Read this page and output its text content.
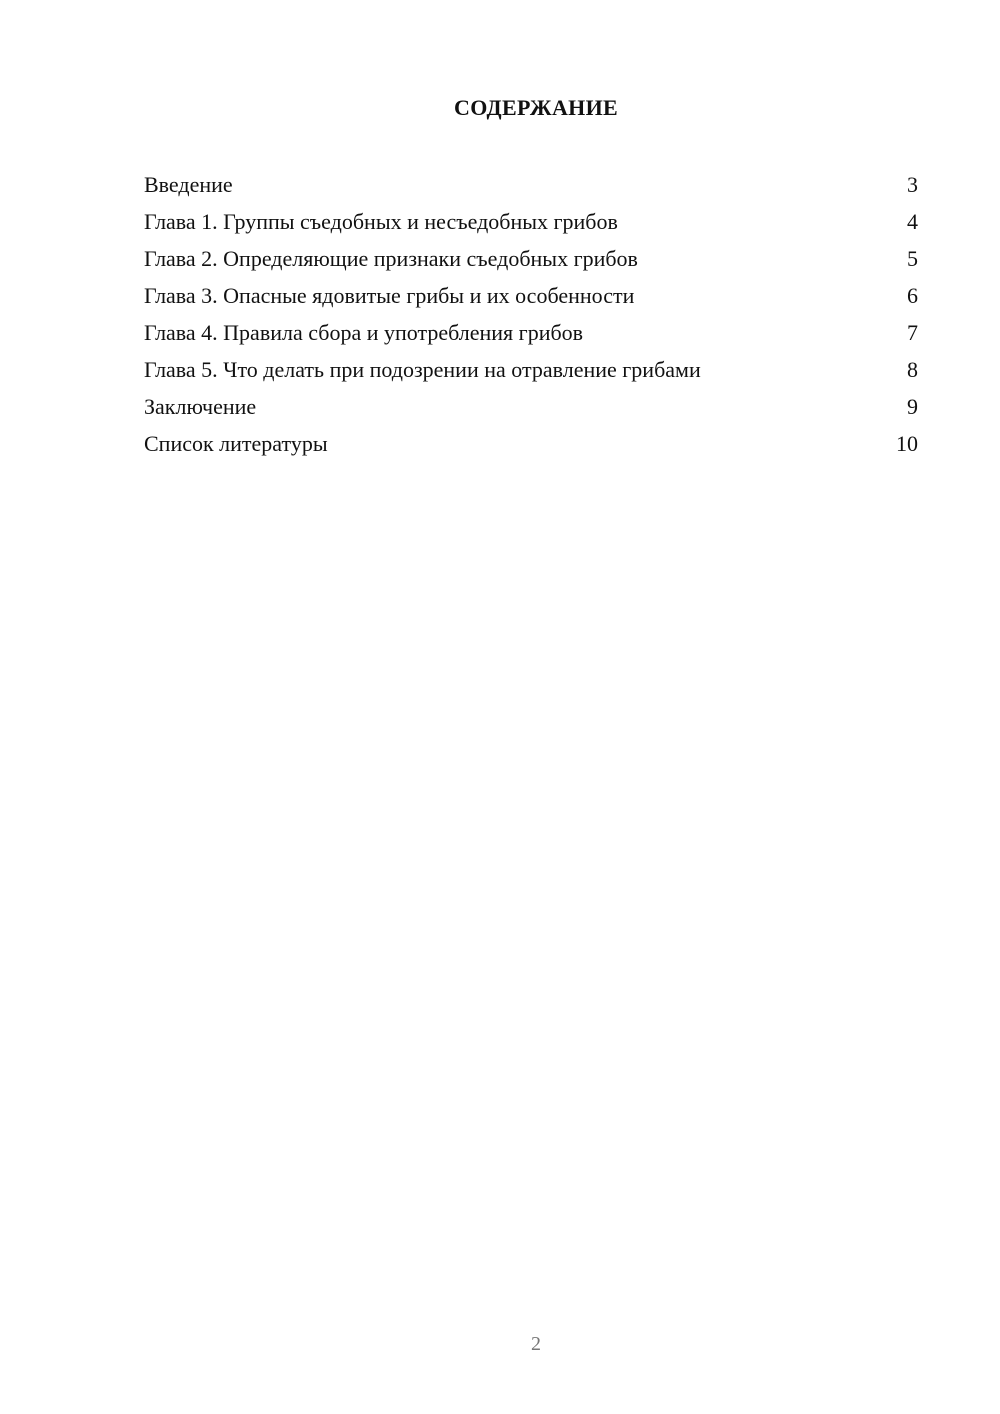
СОДЕРЖАНИЕ
Введение	3
Глава 1. Группы съедобных и несъедобных грибов	4
Глава 2. Определяющие признаки съедобных грибов	5
Глава 3. Опасные ядовитые грибы и их особенности	6
Глава 4. Правила сбора и употребления грибов	7
Глава 5. Что делать при подозрении на отравление грибами	8
Заключение	9
Список литературы	10
2
